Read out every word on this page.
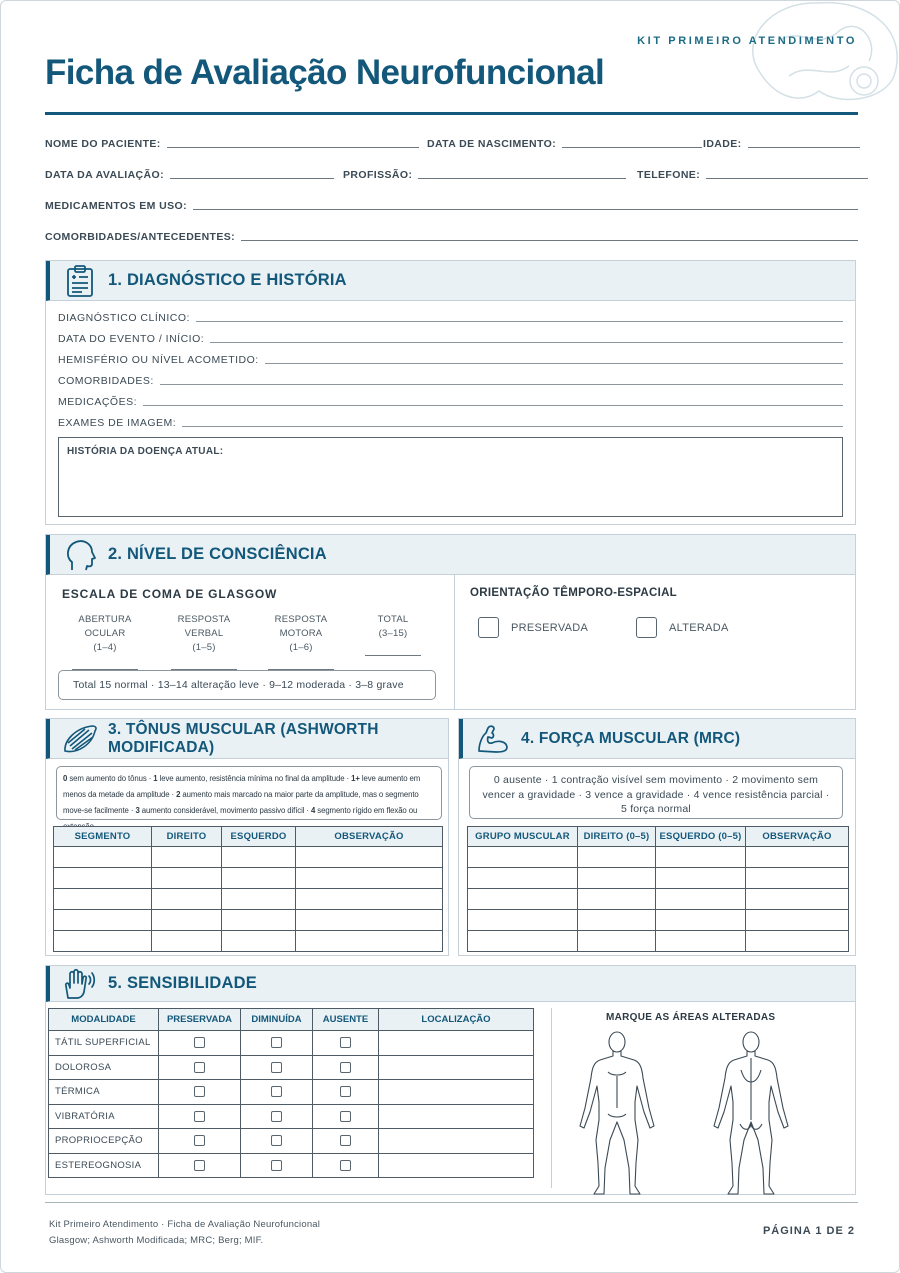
KIT PRIMEIRO ATENDIMENTO
Ficha de Avaliação Neurofuncional
NOME DO PACIENTE:	DATA DE NASCIMENTO:	IDADE:
DATA DA AVALIAÇÃO:	PROFISSÃO:	TELEFONE:
MEDICAMENTOS EM USO:
COMORBIDADES/ANTECEDENTES:
1. DIAGNÓSTICO E HISTÓRIA
DIAGNÓSTICO CLÍNICO:
DATA DO EVENTO / INÍCIO:
HEMISFÉRIO OU NÍVEL ACOMETIDO:
COMORBIDADES:
MEDICAÇÕES:
EXAMES DE IMAGEM:
HISTÓRIA DA DOENÇA ATUAL:
2. NÍVEL DE CONSCIÊNCIA
ESCALA DE COMA DE GLASGOW
ABERTURA OCULAR
(1–4)
RESPOSTA VERBAL
(1–5)
RESPOSTA MOTORA
(1–6)
TOTAL
(3–15)
Total 15 normal · 13–14 alteração leve · 9–12 moderada · 3–8 grave
ORIENTAÇÃO TÊMPORO-ESPACIAL
PRESERVADA	ALTERADA
3. TÔNUS MUSCULAR (ASHWORTH MODIFICADA)
0 sem aumento do tônus · 1 leve aumento, resistência mínima no final da amplitude · 1+ leve aumento em menos da metade da amplitude · 2 aumento mais marcado na maior parte da amplitude, mas o segmento move-se facilmente · 3 aumento considerável, movimento passivo difícil · 4 segmento rígido em flexão ou
SEGMENTO	DIREITO	ESQUERDO	OBSERVAÇÃO

4. FORÇA MUSCULAR (MRC)
0 ausente · 1 contração visível sem movimento · 2 movimento sem vencer a gravidade · 3 vence a gravidade · 4 vence resistência parcial · 5 força normal
GRUPO MUSCULAR	DIREITO (0–5)	ESQUERDO (0–5)	OBSERVAÇÃO

5. SENSIBILIDADE
MODALIDADE	PRESERVADA	DIMINUÍDA	AUSENTE	LOCALIZAÇÃO
TÁTIL SUPERFICIAL				
DOLOROSA				
TÉRMICA				
VIBRATÓRIA				
PROPRIOCEPÇÃO				
ESTEREOGNOSIA				
MARQUE AS ÁREAS ALTERADAS
Kit Primeiro Atendimento · Ficha de Avaliação Neurofuncional
Glasgow; Ashworth Modificada; MRC; Berg; MIF.
PÁGINA 1 DE 2
